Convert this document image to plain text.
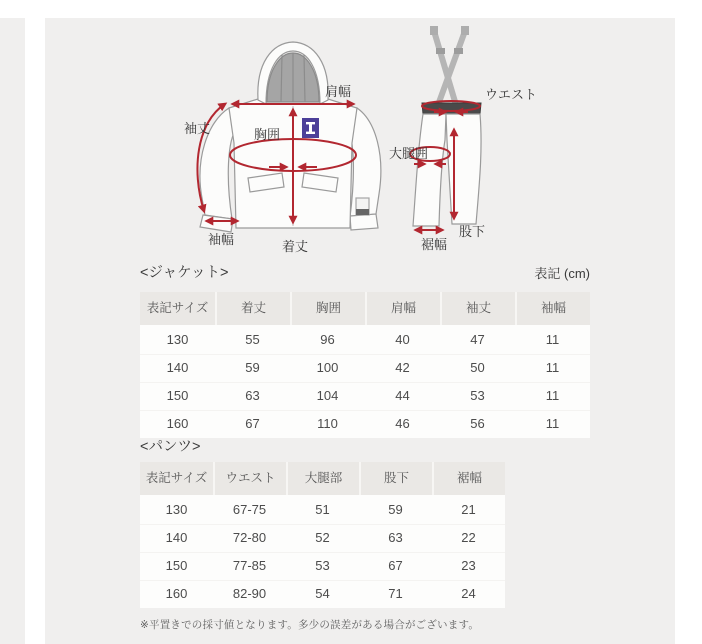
肩幅
袖丈	胸囲
袖幅	着丈
ウエスト
大腿囲
股下
裾幅
<ジャケット>	表記 (cm)
表記サイズ	着丈	胸囲	肩幅	袖丈	袖幅
130	55	96	40	47	11
140	59	100	42	50	11
150	63	104	44	53	11
160	67	110	46	56	11
<パンツ>
表記サイズ	ウエスト	大腿部	股下	裾幅
130	67-75	51	59	21
140	72-80	52	63	22
150	77-85	53	67	23
160	82-90	54	71	24
※平置きでの採寸値となります。多少の誤差がある場合がございます。
